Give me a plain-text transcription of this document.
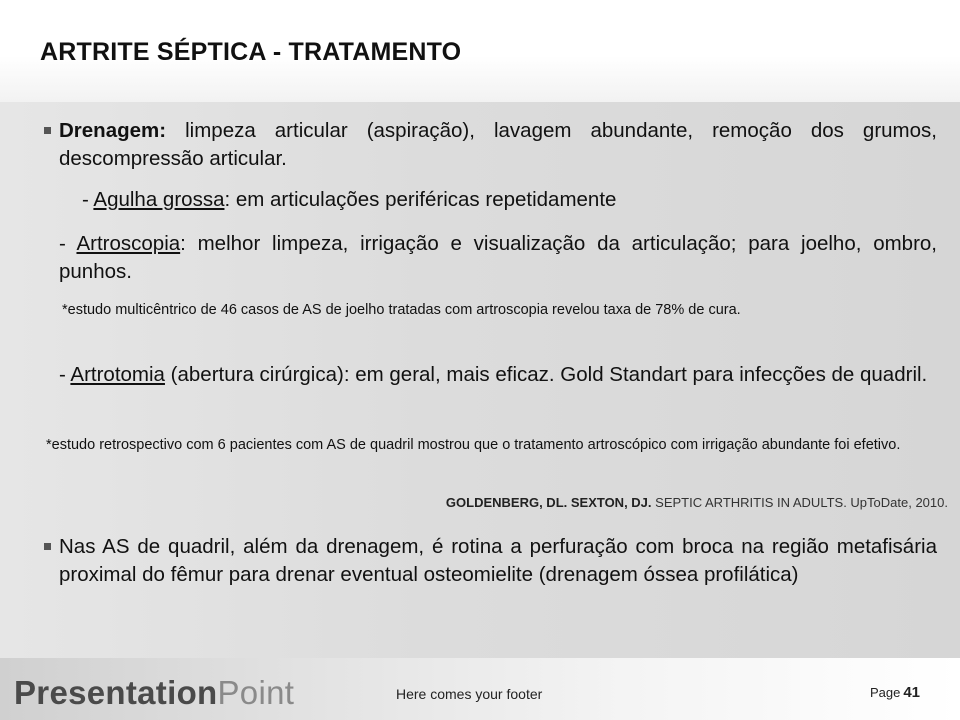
ARTRITE SÉPTICA - TRATAMENTO

Drenagem: limpeza articular (aspiração), lavagem abundante, remoção dos grumos, descompressão articular.

- Agulha grossa: em articulações periféricas repetidamente

- Artroscopia: melhor limpeza, irrigação e visualização da articulação; para joelho, ombro, punhos.

*estudo multicêntrico de 46 casos de AS de joelho tratadas com artroscopia revelou taxa de 78% de cura.

- Artrotomia (abertura cirúrgica): em geral, mais eficaz. Gold Standart para infecções de quadril.

*estudo retrospectivo com 6 pacientes com AS de quadril mostrou que o tratamento artroscópico com irrigação abundante foi efetivo.

GOLDENBERG, DL. SEXTON, DJ. SEPTIC ARTHRITIS IN ADULTS. UpToDate, 2010.

Nas AS de quadril, além da drenagem, é rotina a perfuração com broca na região metafisária proximal do fêmur para drenar eventual osteomielite (drenagem óssea profilática)

PresentationPoint	Here comes your footer	Page 41
